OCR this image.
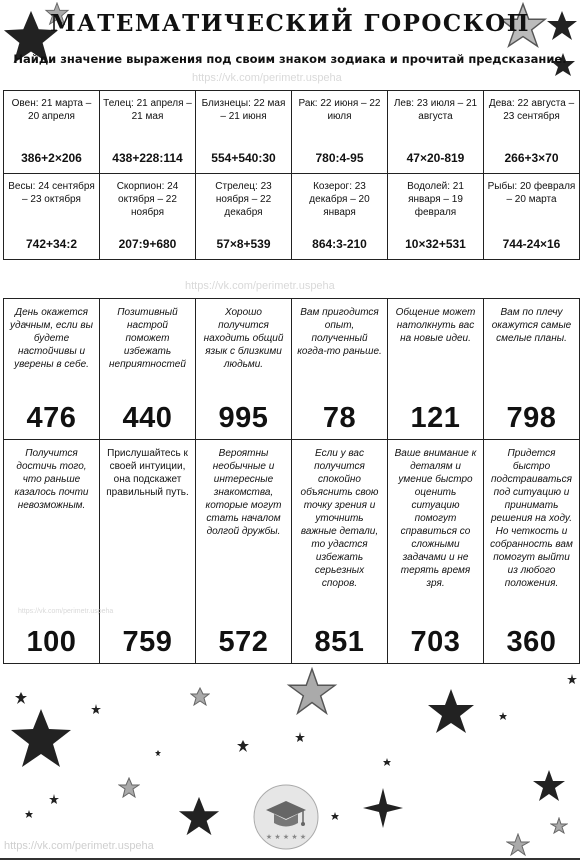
МАТЕМАТИЧЕСКИЙ ГОРОСКОП
Найди значение выражения под своим знаком зодиака и прочитай предсказание.
https://vk.com/perimetr.uspeha
Овен: 21 марта – 20 апреля
386+2×206
Телец: 21 апреля – 21 мая
438+228:114
Близнецы: 22 мая – 21 июня
554+540:30
Рак: 22 июня – 22 июля
780:4-95
Лев: 23 июля – 21 августа
47×20-819
Дева: 22 августа – 23 сентября
266+3×70
Весы: 24 сентября – 23 октября
742+34:2
Скорпион: 24 октября – 22 ноября
207:9+680
Стрелец: 23 ноября – 22 декабря
57×8+539
Козерог: 23 декабря – 20 января
864:3-210
Водолей: 21 января – 19 февраля
10×32+531
Рыбы: 20 февраля – 20 марта
744-24×16
https://vk.com/perimetr.uspeha
День окажется удачным, если вы будете настойчивы и уверены в себе.
476
Позитивный настрой поможет избежать неприятностей
440
Хорошо получится находить общий язык с близкими людьми.
995
Вам пригодится опыт, полученный когда-то раньше.
78
Общение может натолкнуть вас на новые идеи.
121
Вам по плечу окажутся самые смелые планы.
798
Получится достичь того, что раньше казалось почти невозможным.
https://vk.com/perimetr.uspeha
100
Прислушайтесь к своей интуиции, она подскажет правильный путь.
759
Вероятны необычные и интересные знакомства, которые могут стать началом долгой дружбы.
572
Если у вас получится спокойно объяснить свою точку зрения и уточнить важные детали, то удастся избежать серьезных споров.
851
Ваше внимание к деталям и умение быстро оценить ситуацию помогут справиться со сложными задачами и не терять время зря.
703
Придется быстро подстраиваться под ситуацию и принимать решения на ходу. Но четкость и собранность вам помогут выйти из любого положения.
360
★ ★ ★ ★ ★
https://vk.com/perimetr.uspeha
